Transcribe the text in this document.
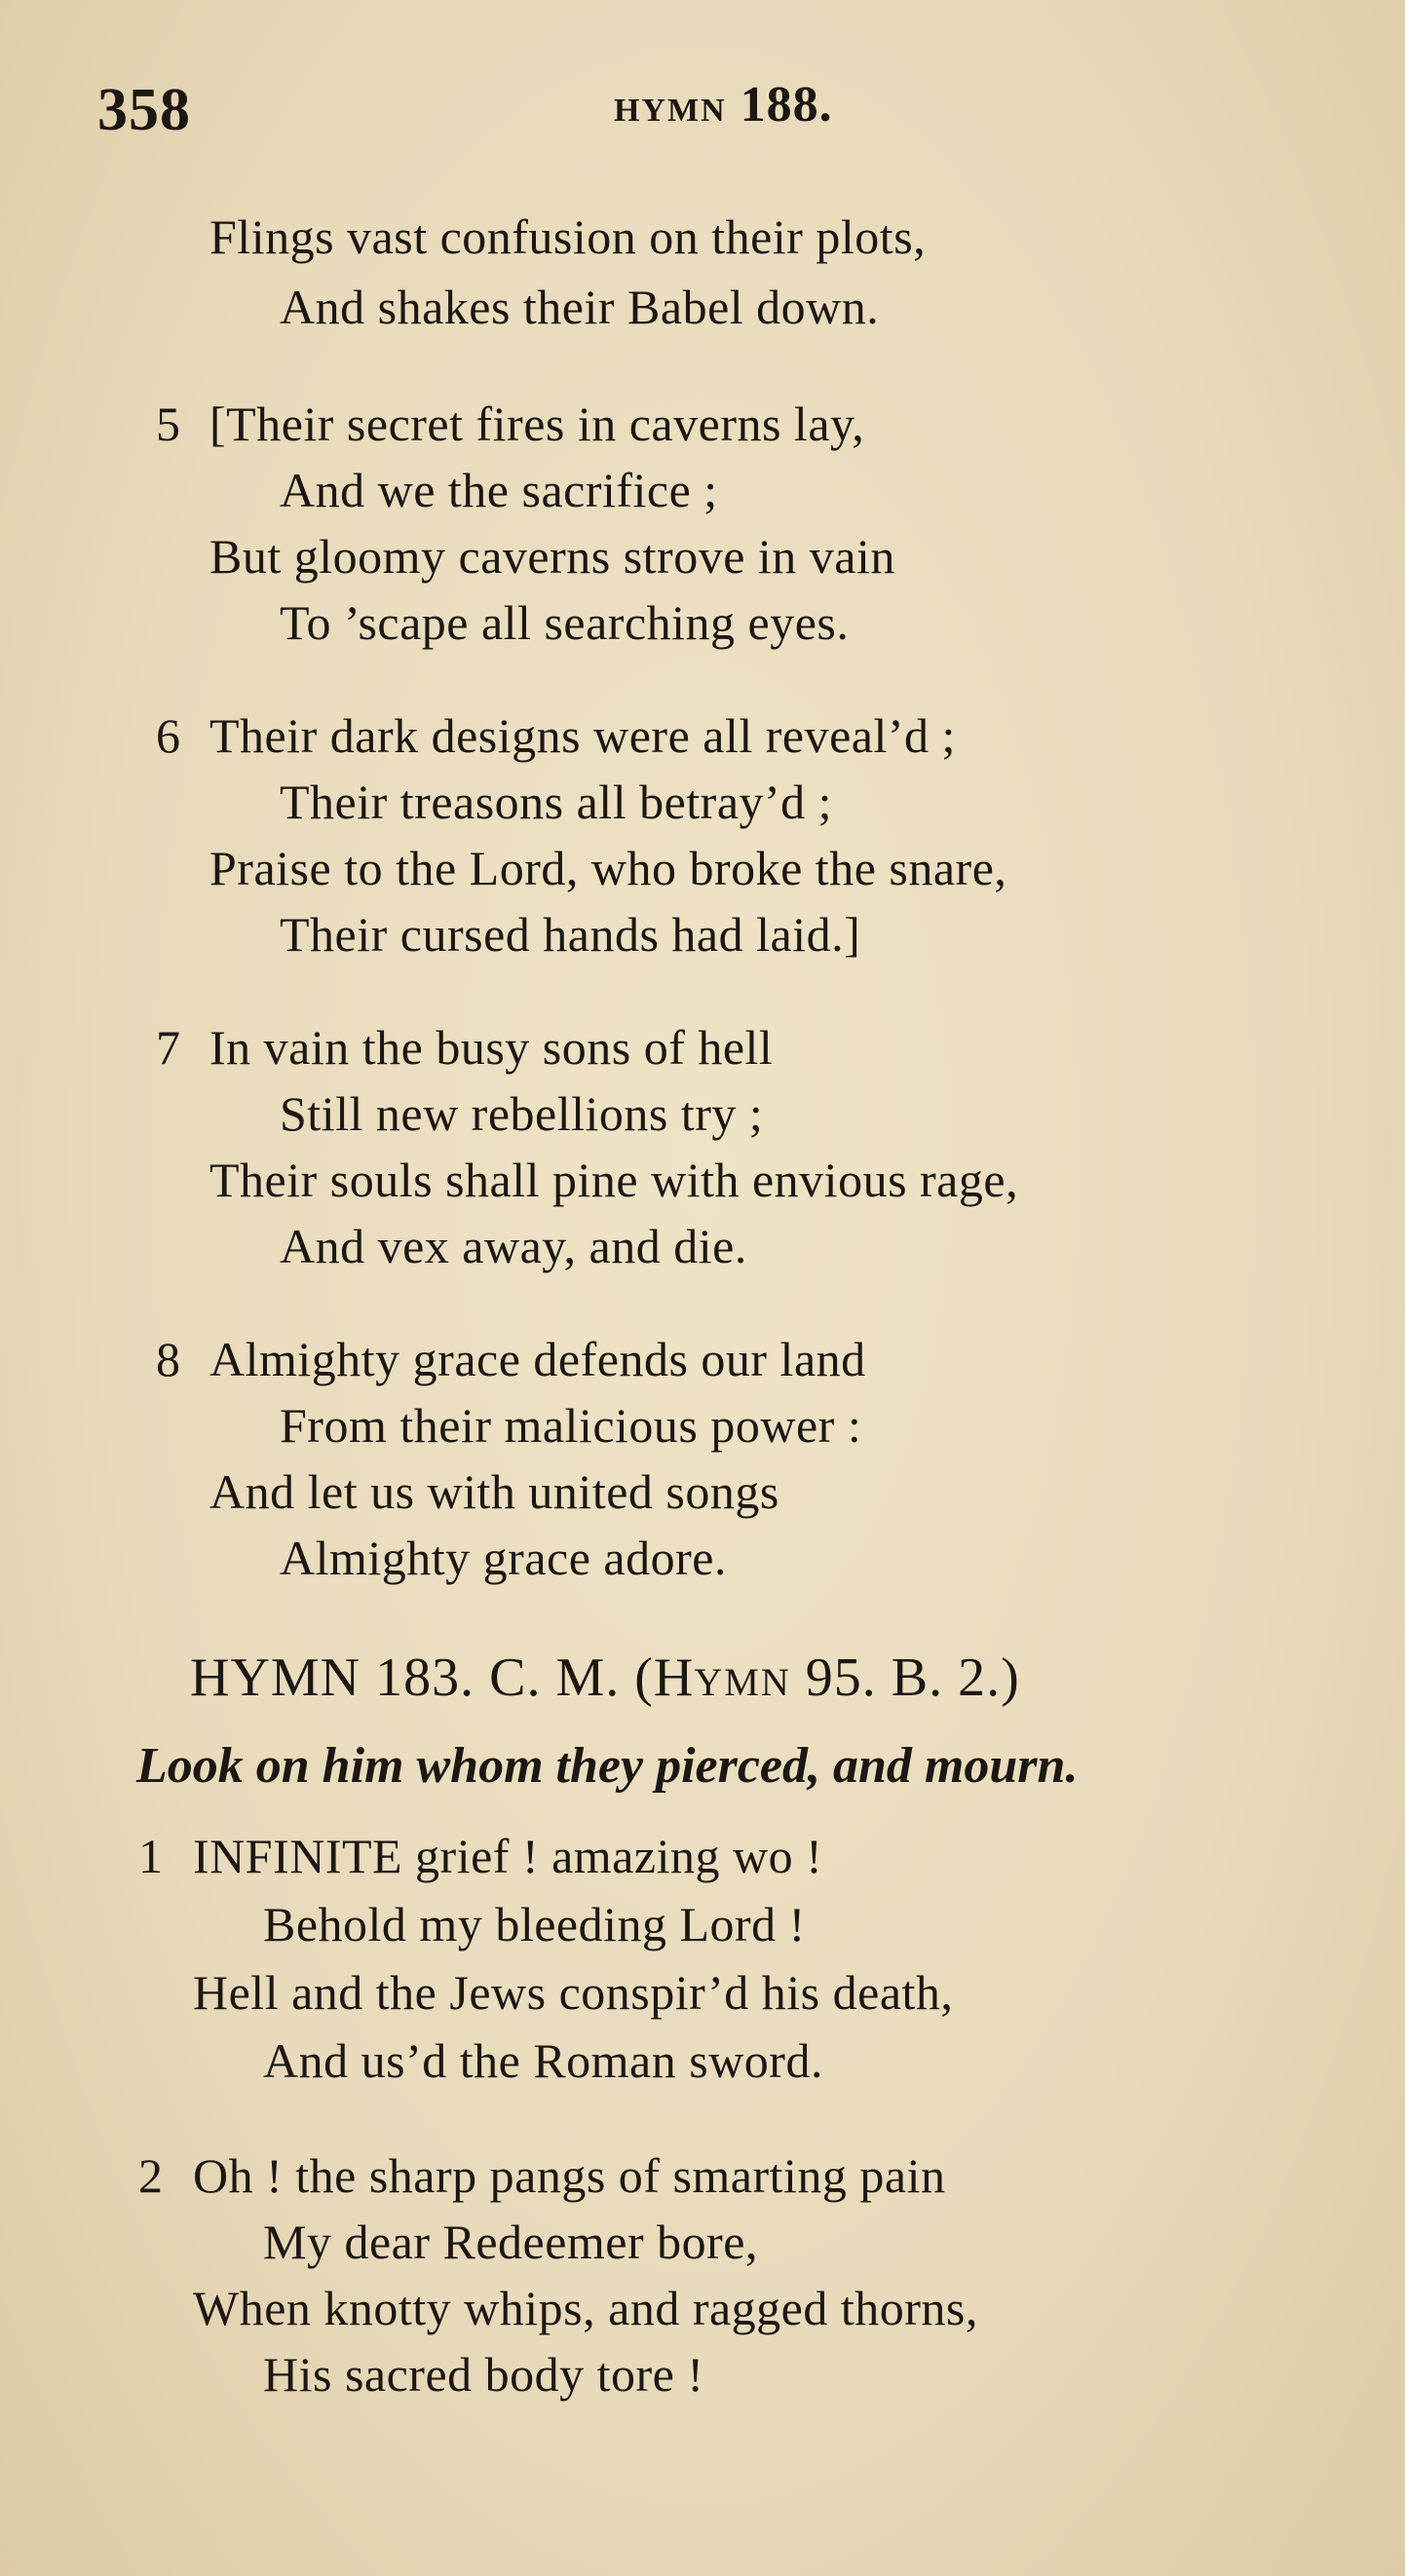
358	HYMN 188.
Flings vast confusion on their plots,
And shakes their Babel down.
5 [Their secret fires in caverns lay,
And we the sacrifice ;
But gloomy caverns strove in vain
To ’scape all searching eyes.
6 Their dark designs were all reveal’d ;
Their treasons all betray’d ;
Praise to the Lord, who broke the snare,
Their cursed hands had laid.]
7 In vain the busy sons of hell
Still new rebellions try ;
Their souls shall pine with envious rage,
And vex away, and die.
8 Almighty grace defends our land
From their malicious power :
And let us with united songs
Almighty grace adore.
HYMN 183. C. M. (HYMN 95. B. 2.)
Look on him whom they pierced, and mourn.
1 INFINITE grief ! amazing wo !
Behold my bleeding Lord !
Hell and the Jews conspir’d his death,
And us’d the Roman sword.
2 Oh ! the sharp pangs of smarting pain
My dear Redeemer bore,
When knotty whips, and ragged thorns,
His sacred body tore !
